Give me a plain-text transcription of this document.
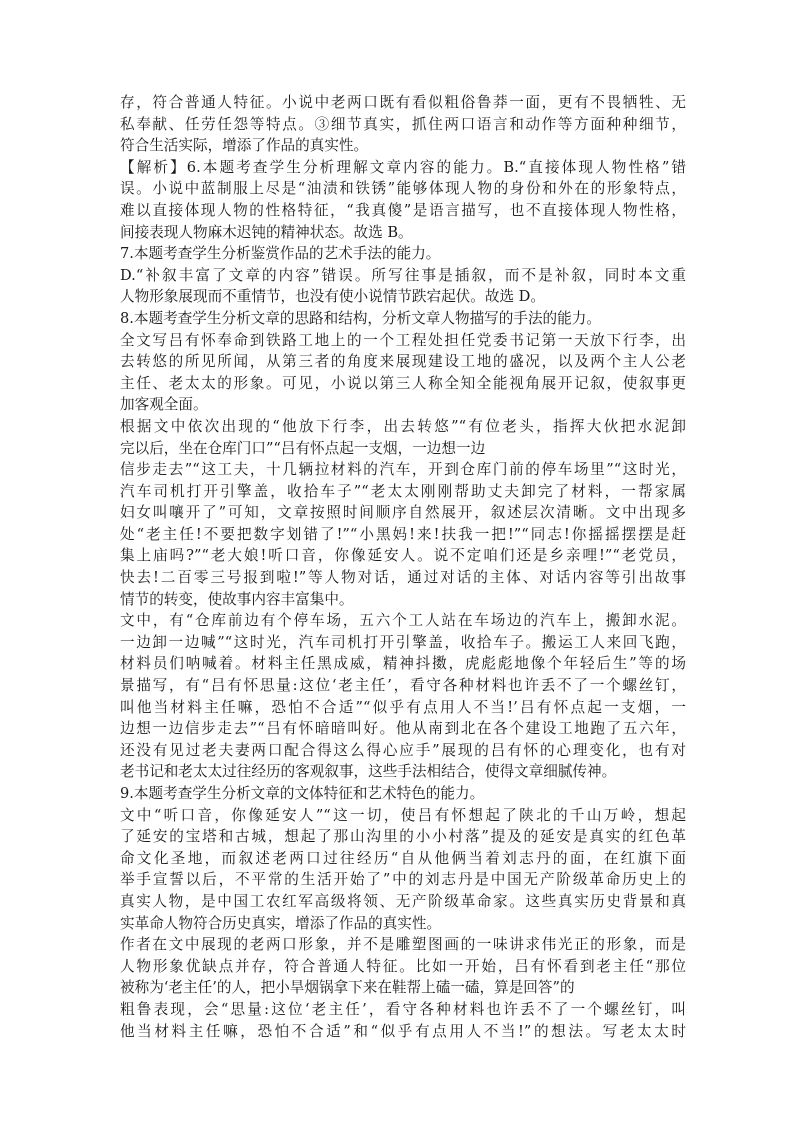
存，符合普通人特征。小说中老两口既有看似粗俗鲁莽一面，更有不畏牺牲、无
私奉献、任劳任怨等特点。③细节真实，抓住两口语言和动作等方面种种细节，
符合生活实际，增添了作品的真实性。
【解析】6.本题考查学生分析理解文章内容的能力。B.“直接体现人物性格”错
误。小说中蓝制服上尽是“油渍和铁锈”能够体现人物的身份和外在的形象特点，
难以直接体现人物的性格特征，“我真傻”是语言描写，也不直接体现人物性格，
间接表现人物麻木迟钝的精神状态。故选 B。
7.本题考查学生分析鉴赏作品的艺术手法的能力。
D.“补叙丰富了文章的内容”错误。所写往事是插叙，而不是补叙，同时本文重
人物形象展现而不重情节，也没有使小说情节跌宕起伏。故选 D。
8.本题考查学生分析文章的思路和结构，分析文章人物描写的手法的能力。
全文写吕有怀奉命到铁路工地上的一个工程处担任党委书记第一天放下行李，出
去转悠的所见所闻，从第三者的角度来展现建设工地的盛况，以及两个主人公老
主任、老太太的形象。可见，小说以第三人称全知全能视角展开记叙，使叙事更
加客观全面。
根据文中依次出现的“他放下行李，出去转悠”“有位老头，指挥大伙把水泥卸
完以后，坐在仓库门口”“吕有怀点起一支烟，一边想一边
信步走去”“这工夫，十几辆拉材料的汽车，开到仓库门前的停车场里”“这时光，
汽车司机打开引擎盖，收拾车子”“老太太刚刚帮助丈夫卸完了材料，一帮家属
妇女叫嚷开了”可知，文章按照时间顺序自然展开，叙述层次清晰。文中出现多
处“老主任!不要把数字划错了!”“小黑妈!来!扶我一把!”“同志!你摇摇摆摆是赶
集上庙吗?”“老大娘!听口音，你像延安人。说不定咱们还是乡亲哩!”“老党员，
快去!二百零三号报到啦!”等人物对话，通过对话的主体、对话内容等引出故事
情节的转变，使故事内容丰富集中。
文中，有“仓库前边有个停车场，五六个工人站在车场边的汽车上，搬卸水泥。
一边卸一边喊”“这时光，汽车司机打开引擎盖，收拾车子。搬运工人来回飞跑，
材料员们呐喊着。材料主任黑成威，精神抖擞，虎彪彪地像个年轻后生”等的场
景描写，有“吕有怀思量:这位‘老主任’，看守各种材料也许丢不了一个螺丝钉，
叫他当材料主任嘛，恐怕不合适”“似乎有点用人不当!’吕有怀点起一支烟，一
边想一边信步走去”“吕有怀暗暗叫好。他从南到北在各个建设工地跑了五六年，
还没有见过老夫妻两口配合得这么得心应手”展现的吕有怀的心理变化，也有对
老书记和老太太过往经历的客观叙事，这些手法相结合，使得文章细腻传神。
9.本题考查学生分析文章的文体特征和艺术特色的能力。
文中“听口音，你像延安人”“这一切，使吕有怀想起了陕北的千山万岭，想起
了延安的宝塔和古城，想起了那山沟里的小小村落”提及的延安是真实的红色革
命文化圣地，而叙述老两口过往经历“自从他俩当着刘志丹的面，在红旗下面
举手宣誓以后，不平常的生活开始了”中的刘志丹是中国无产阶级革命历史上的
真实人物，是中国工农红军高级将领、无产阶级革命家。这些真实历史背景和真
实革命人物符合历史真实，增添了作品的真实性。
作者在文中展现的老两口形象，并不是雕塑图画的一味讲求伟光正的形象，而是
人物形象优缺点并存，符合普通人特征。比如一开始，吕有怀看到老主任“那位
被称为‘老主任’的人，把小旱烟锅拿下来在鞋帮上磕一磕，算是回答”的
粗鲁表现，会“思量:这位‘老主任’，看守各种材料也许丢不了一个螺丝钉，叫
他当材料主任嘛，恐怕不合适”和“似乎有点用人不当!”的想法。写老太太时
